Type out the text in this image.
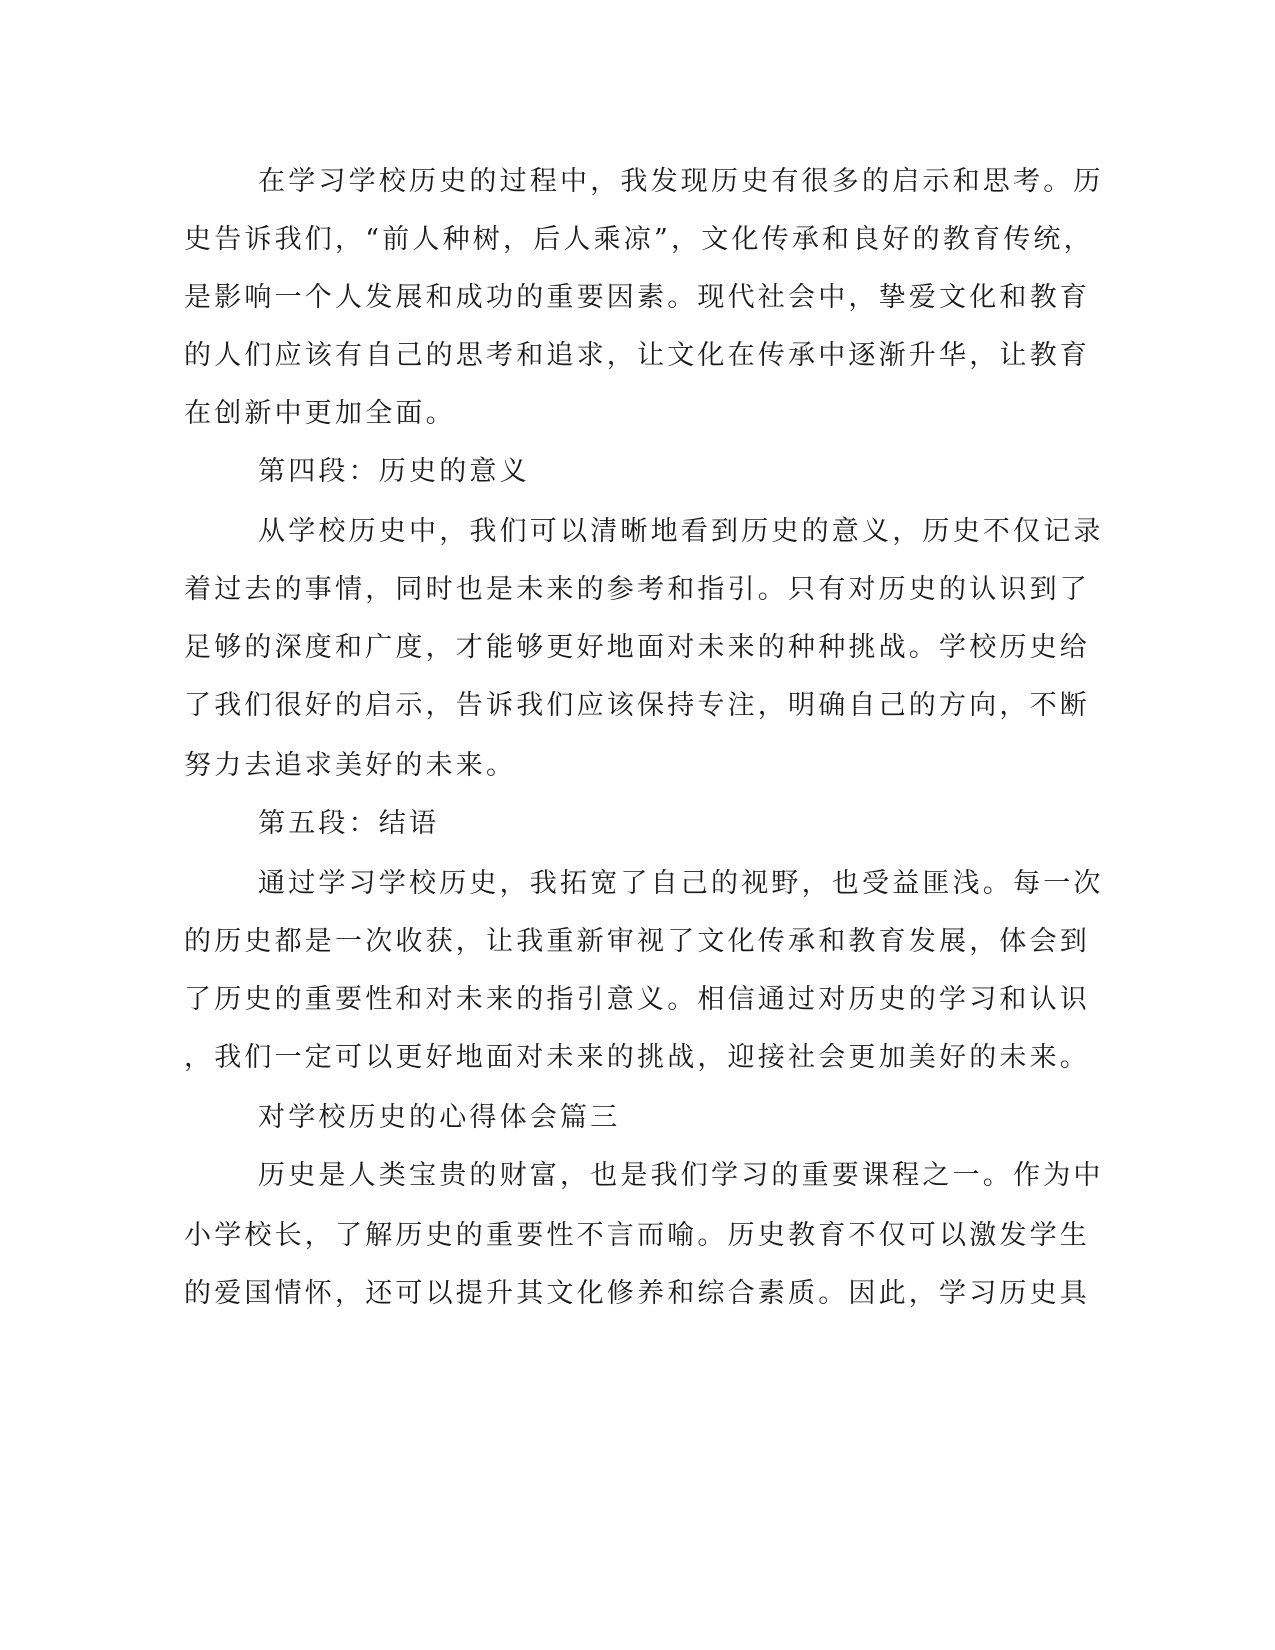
在学习学校历史的过程中，我发现历史有很多的启示和思考。历
史告诉我们，“前人种树，后人乘凉”，文化传承和良好的教育传统，
是影响一个人发展和成功的重要因素。现代社会中，挚爱文化和教育
的人们应该有自己的思考和追求，让文化在传承中逐渐升华，让教育
在创新中更加全面。
第四段：历史的意义
从学校历史中，我们可以清晰地看到历史的意义，历史不仅记录
着过去的事情，同时也是未来的参考和指引。只有对历史的认识到了
足够的深度和广度，才能够更好地面对未来的种种挑战。学校历史给
了我们很好的启示，告诉我们应该保持专注，明确自己的方向，不断
努力去追求美好的未来。
第五段：结语
通过学习学校历史，我拓宽了自己的视野，也受益匪浅。每一次
的历史都是一次收获，让我重新审视了文化传承和教育发展，体会到
了历史的重要性和对未来的指引意义。相信通过对历史的学习和认识
，我们一定可以更好地面对未来的挑战，迎接社会更加美好的未来。
对学校历史的心得体会篇三
历史是人类宝贵的财富，也是我们学习的重要课程之一。作为中
小学校长，了解历史的重要性不言而喻。历史教育不仅可以激发学生
的爱国情怀，还可以提升其文化修养和综合素质。因此，学习历史具
